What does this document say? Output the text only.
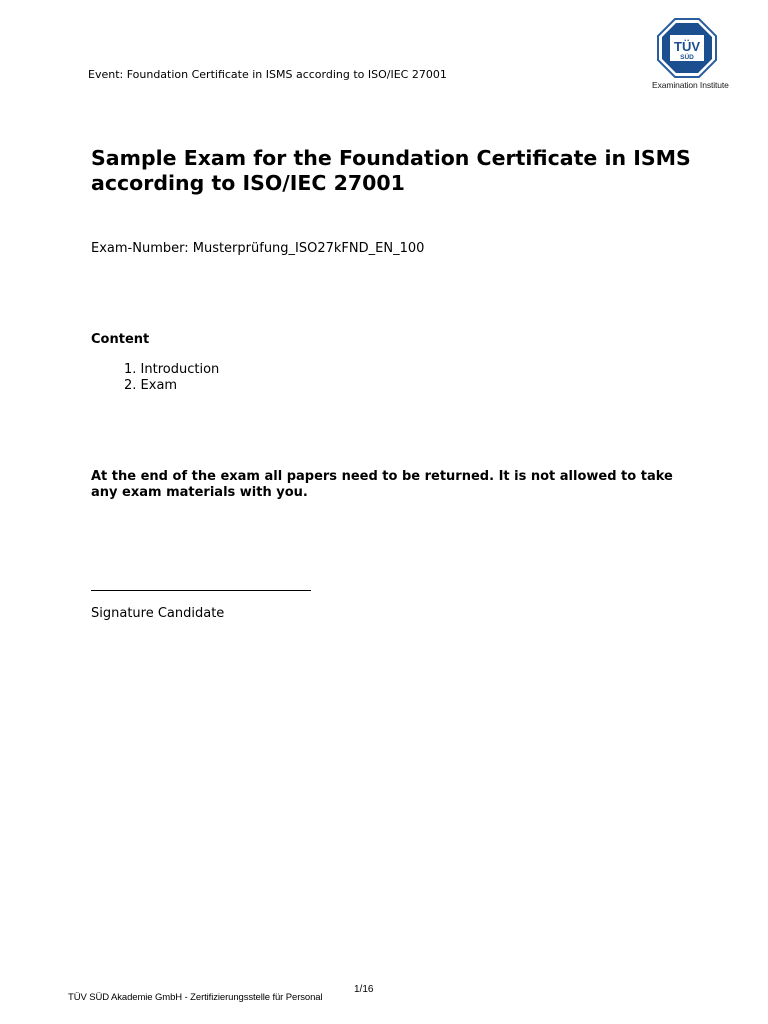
Event: Foundation Certificate in ISMS according to ISO/IEC 27001
TÜV
SÜD
Examination Institute
Sample Exam for the Foundation Certificate in ISMS according to ISO/IEC 27001
Exam-Number: Musterprüfung_ISO27kFND_EN_100
Content
1. Introduction
2. Exam
At the end of the exam all papers need to be returned. It is not allowed to take any exam materials with you.
Signature Candidate
1/16
TÜV SÜD Akademie GmbH - Zertifizierungsstelle für Personal
